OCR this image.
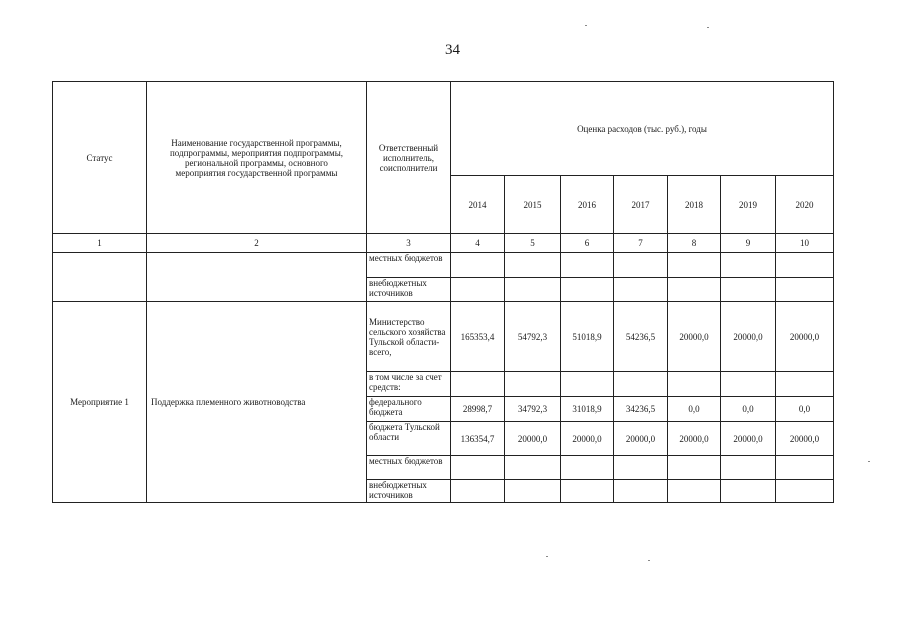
34
Статус	Наименование государственной программы, подпрограммы, мероприятия подпрограммы, региональной программы, основного мероприятия государственной программы	Ответственный исполнитель, соисполнители	Оценка расходов (тыс. руб.), годы						
			2014	2015	2016	2017	2018	2019	2020
1	2	3	4	5	6	7	8	9	10
		местных бюджетов							
		внебюджетных источников							
Мероприятие 1	Поддержка племенного животноводства	Министерство сельского хозяйства Тульской области- всего,	165353,4	54792,3	51018,9	54236,5	20000,0	20000,0	20000,0
		в том числе за счет средств:							
		федерального бюджета	28998,7	34792,3	31018,9	34236,5	0,0	0,0	0,0
		бюджета Тульской области	136354,7	20000,0	20000,0	20000,0	20000,0	20000,0	20000,0
		местных бюджетов							
		внебюджетных источников							
